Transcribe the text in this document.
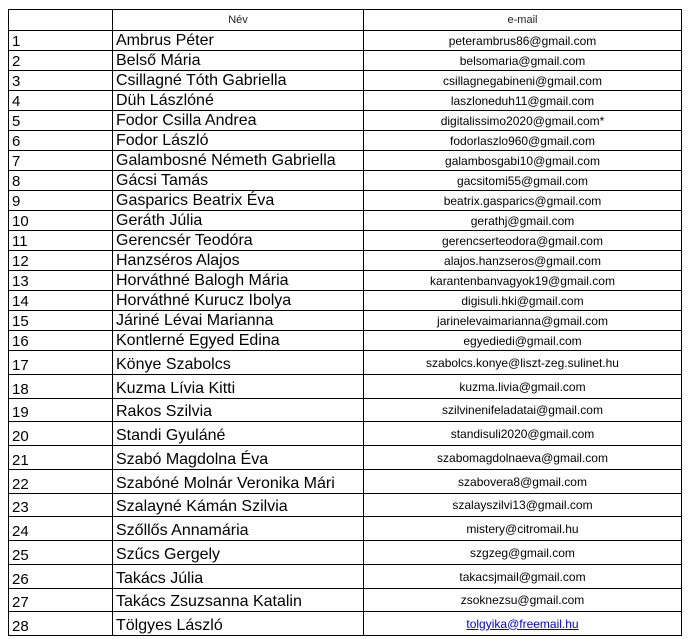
	Név	e-mail
1	Ambrus Péter	peterambrus86@gmail.com
2	Belső Mária	belsomaria@gmail.com
3	Csillagné Tóth Gabriella	csillagnegabineni@gmail.com
4	Düh Lászlóné	laszloneduh11@gmail.com
5	Fodor Csilla Andrea	digitalissimo2020@gmail.com*
6	Fodor László	fodorlaszlo960@gmail.com
7	Galambosné Németh Gabriella	galambosgabi10@gmail.com
8	Gácsi Tamás	gacsitomi55@gmail.com
9	Gasparics Beatrix Éva	beatrix.gasparics@gmail.com
10	Geráth Júlia	gerathj@gmail.com
11	Gerencsér Teodóra	gerencserteodora@gmail.com
12	Hanzséros Alajos	alajos.hanzseros@gmail.com
13	Horváthné Balogh Mária	karantenbanvagyok19@gmail.com
14	Horváthné Kurucz Ibolya	digisuli.hki@gmail.com
15	Járiné Lévai Marianna	jarinelevaimarianna@gmail.com
16	Kontlerné Egyed Edina	egyediedi@gmail.com
17	Könye Szabolcs	szabolcs.konye@liszt-zeg.sulinet.hu
18	Kuzma Lívia Kitti	kuzma.livia@gmail.com
19	Rakos Szilvia	szilvinenifeladatai@gmail.com
20	Standi Gyuláné	standisuli2020@gmail.com
21	Szabó Magdolna Éva	szabomagdolnaeva@gmail.com
22	Szabóné Molnár Veronika Mári	szabovera8@gmail.com
23	Szalayné Kámán Szilvia	szalayszilvi13@gmail.com
24	Szőllős Annamária	mistery@citromail.hu
25	Szűcs Gergely	szgzeg@gmail.com
26	Takács Júlia	takacsjmail@gmail.com
27	Takács Zsuzsanna Katalin	zsoknezsu@gmail.com
28	Tölgyes László	tolgyika@freemail.hu
